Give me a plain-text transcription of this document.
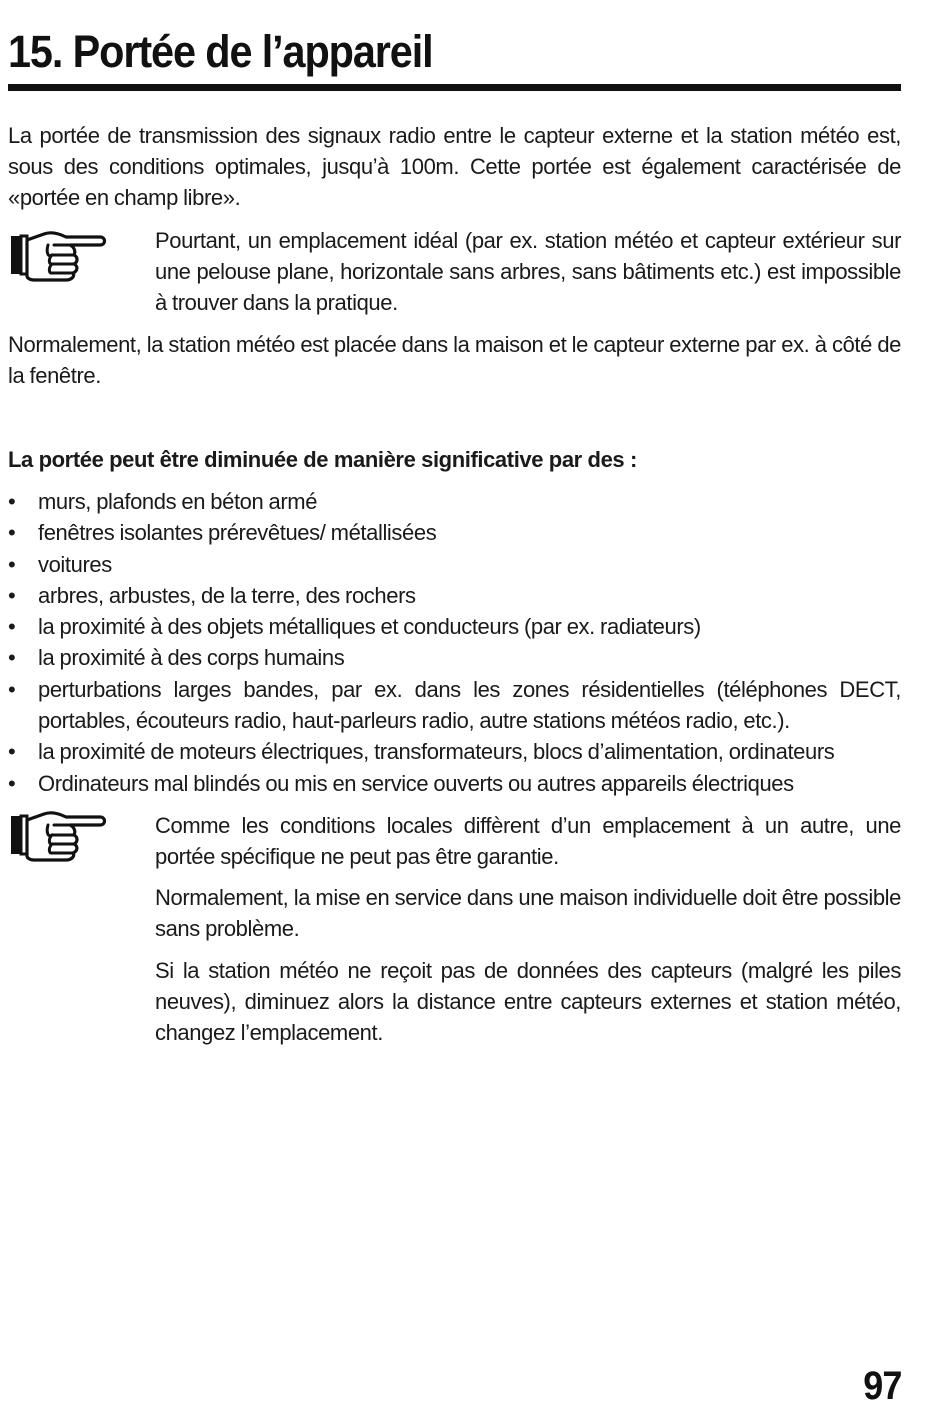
15. Portée de l’appareil

La portée de transmission des signaux radio entre le capteur externe et la station météo est, sous des conditions optimales, jusqu’à 100m. Cette portée est également caractérisée de «portée en champ libre».

Pourtant, un emplacement idéal (par ex. station météo et capteur extérieur sur une pelouse plane, horizontale sans arbres, sans bâtiments etc.) est impossible à trouver dans la pratique.

Normalement, la station météo est placée dans la maison et le capteur externe par ex. à côté de la fenêtre.

La portée peut être diminuée de manière significative par des :
• murs, plafonds en béton armé
• fenêtres isolantes prérevêtues/ métallisées
• voitures
• arbres, arbustes, de la terre, des rochers
• la proximité à des objets métalliques et conducteurs (par ex. radiateurs)
• la proximité à des corps humains
• perturbations larges bandes, par ex. dans les zones résidentielles (téléphones DECT, portables, écouteurs radio, haut-parleurs radio, autre stations météos radio, etc.).
• la proximité de moteurs électriques, transformateurs, blocs d’alimentation, ordinateurs
• Ordinateurs mal blindés ou mis en service ouverts ou autres appareils électriques

Comme les conditions locales diffèrent d’un emplacement à un autre, une portée spécifique ne peut pas être garantie.

Normalement, la mise en service dans une maison individuelle doit être possible sans problème.

Si la station météo ne reçoit pas de données des capteurs (malgré les piles neuves), diminuez alors la distance entre capteurs externes et station météo, changez l’emplacement.

97
